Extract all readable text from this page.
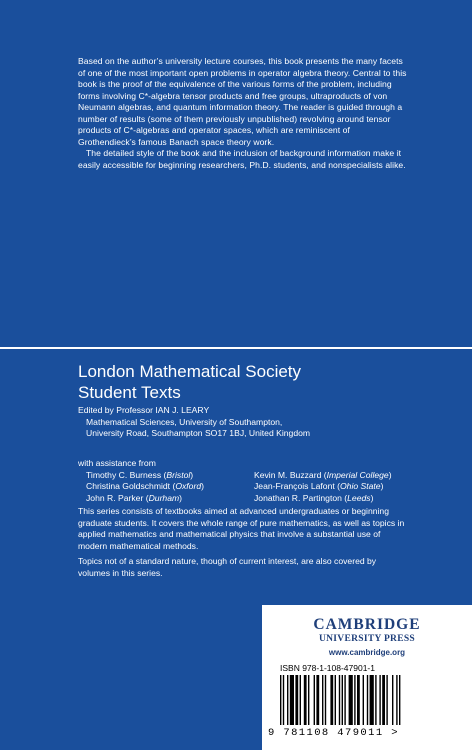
Based on the author’s university lecture courses, this book presents the many facets of one of the most important open problems in operator algebra theory. Central to this book is the proof of the equivalence of the various forms of the problem, including forms involving C*-algebra tensor products and free groups, ultraproducts of von Neumann algebras, and quantum information theory. The reader is guided through a number of results (some of them previously unpublished) revolving around tensor products of C*-algebras and operator spaces, which are reminiscent of Grothendieck’s famous Banach space theory work.

The detailed style of the book and the inclusion of background information make it easily accessible for beginning researchers, Ph.D. students, and nonspecialists alike.

London Mathematical Society
Student Texts
Edited by Professor IAN J. LEARY
Mathematical Sciences, University of Southampton,
University Road, Southampton SO17 1BJ, United Kingdom
with assistance from
Timothy C. Burness (Bristol)	Kevin M. Buzzard (Imperial College)
Christina Goldschmidt (Oxford)	Jean-François Lafont (Ohio State)
John R. Parker (Durham)	Jonathan R. Partington (Leeds)

This series consists of textbooks aimed at advanced undergraduates or beginning graduate students. It covers the whole range of pure mathematics, as well as topics in applied mathematics and mathematical physics that involve a substantial use of modern mathematical methods.

Topics not of a standard nature, though of current interest, are also covered by volumes in this series.

CAMBRIDGE
UNIVERSITY PRESS
www.cambridge.org
ISBN 978-1-108-47901-1
9 781108 479011 >
